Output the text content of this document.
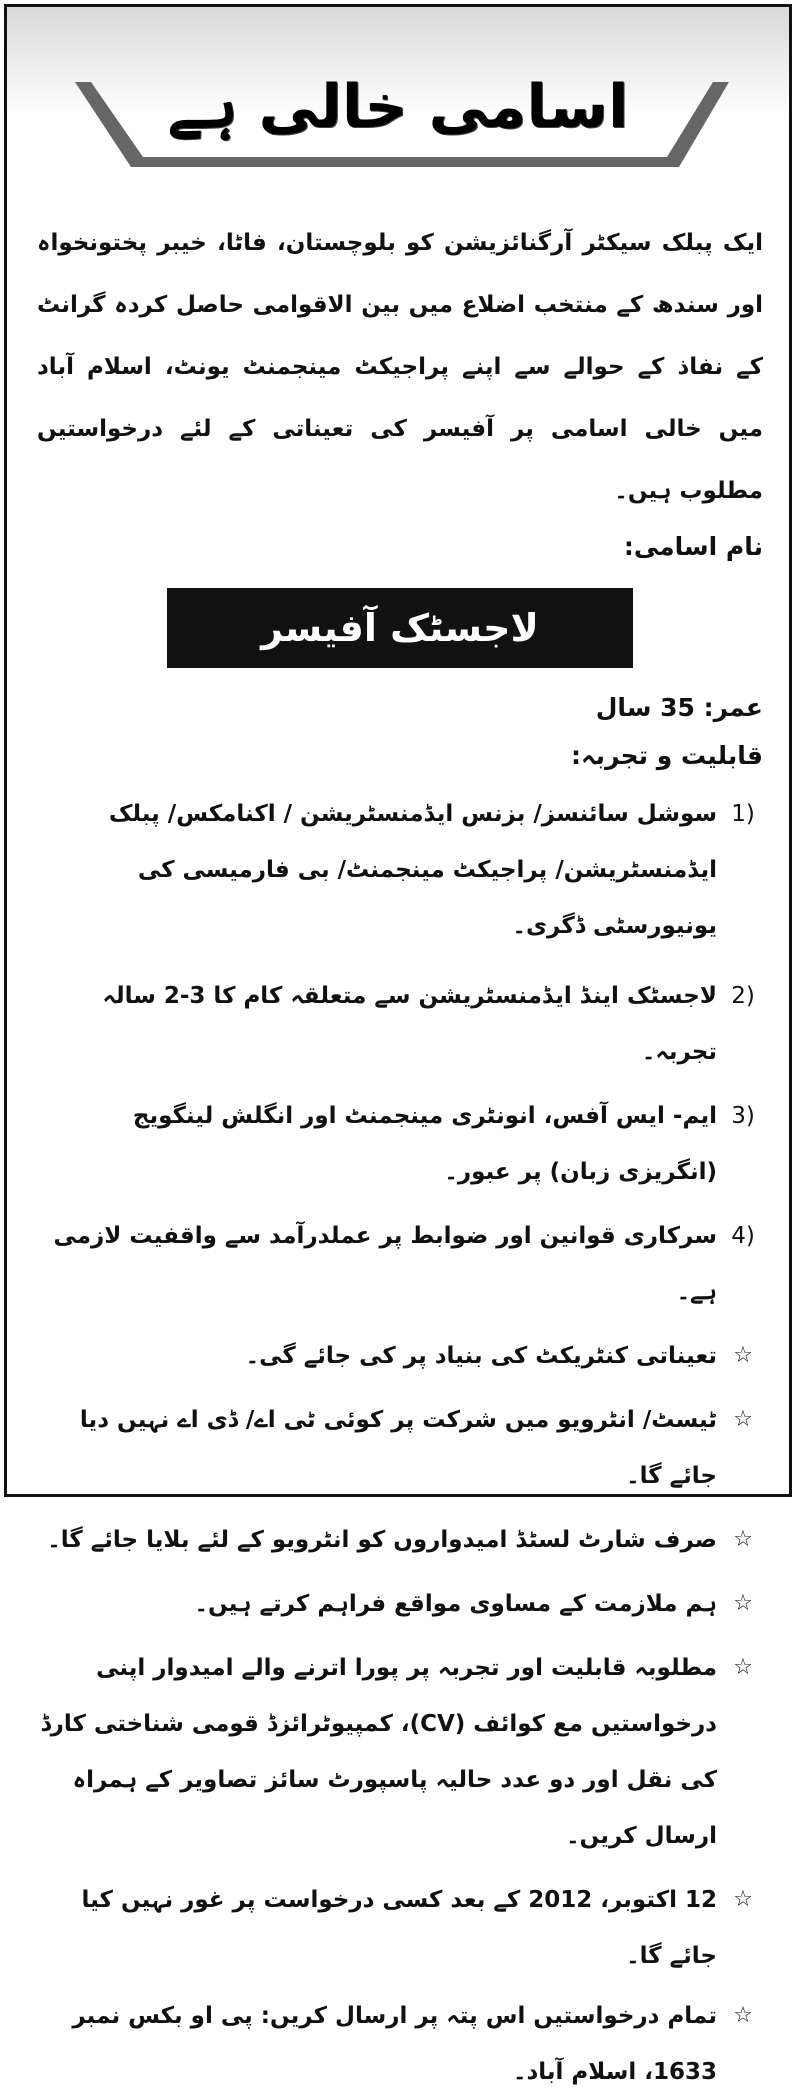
اسامی خالی ہے
ایک پبلک سیکٹر آرگنائزیشن کو بلوچستان، فاٹا، خیبر پختونخواہ اور سندھ کے منتخب اضلاع میں بین الاقوامی حاصل کردہ گرانٹ کے نفاذ کے حوالے سے اپنے پراجیکٹ مینجمنٹ یونٹ، اسلام آباد میں خالی اسامی پر آفیسر کی تعیناتی کے لئے درخواستیں مطلوب ہیں۔
نام اسامی:
لاجسٹک آفیسر
عمر: 35 سال
قابلیت و تجربہ:
1)
سوشل سائنسز/ بزنس ایڈمنسٹریشن / اکنامکس/ پبلک ایڈمنسٹریشن/ پراجیکٹ مینجمنٹ/ بی فارمیسی کی یونیورسٹی ڈگری۔
2)
لاجسٹک اینڈ ایڈمنسٹریشن سے متعلقہ کام کا 3-2 سالہ تجربہ۔
3)
ایم- ایس آفس، انونٹری مینجمنٹ اور انگلش لینگویج (انگریزی زبان) پر عبور۔
4)
سرکاری قوانین اور ضوابط پر عملدرآمد سے واقفیت لازمی ہے۔
☆
تعیناتی کنٹریکٹ کی بنیاد پر کی جائے گی۔
☆
ٹیسٹ/ انٹرویو میں شرکت پر کوئی ٹی اے/ ڈی اے نہیں دیا جائے گا۔
☆
صرف شارٹ لسٹڈ امیدواروں کو انٹرویو کے لئے بلایا جائے گا۔
☆
ہم ملازمت کے مساوی مواقع فراہم کرتے ہیں۔
☆
مطلوبہ قابلیت اور تجربہ پر پورا اترنے والے امیدوار اپنی درخواستیں مع کوائف (CV)، کمپیوٹرائزڈ قومی شناختی کارڈ کی نقل اور دو عدد حالیہ پاسپورٹ سائز تصاویر کے ہمراہ ارسال کریں۔
☆
12 اکتوبر، 2012 کے بعد کسی درخواست پر غور نہیں کیا جائے گا۔
☆
تمام درخواستیں اس پتہ پر ارسال کریں: پی او بکس نمبر 1633، اسلام آباد۔
